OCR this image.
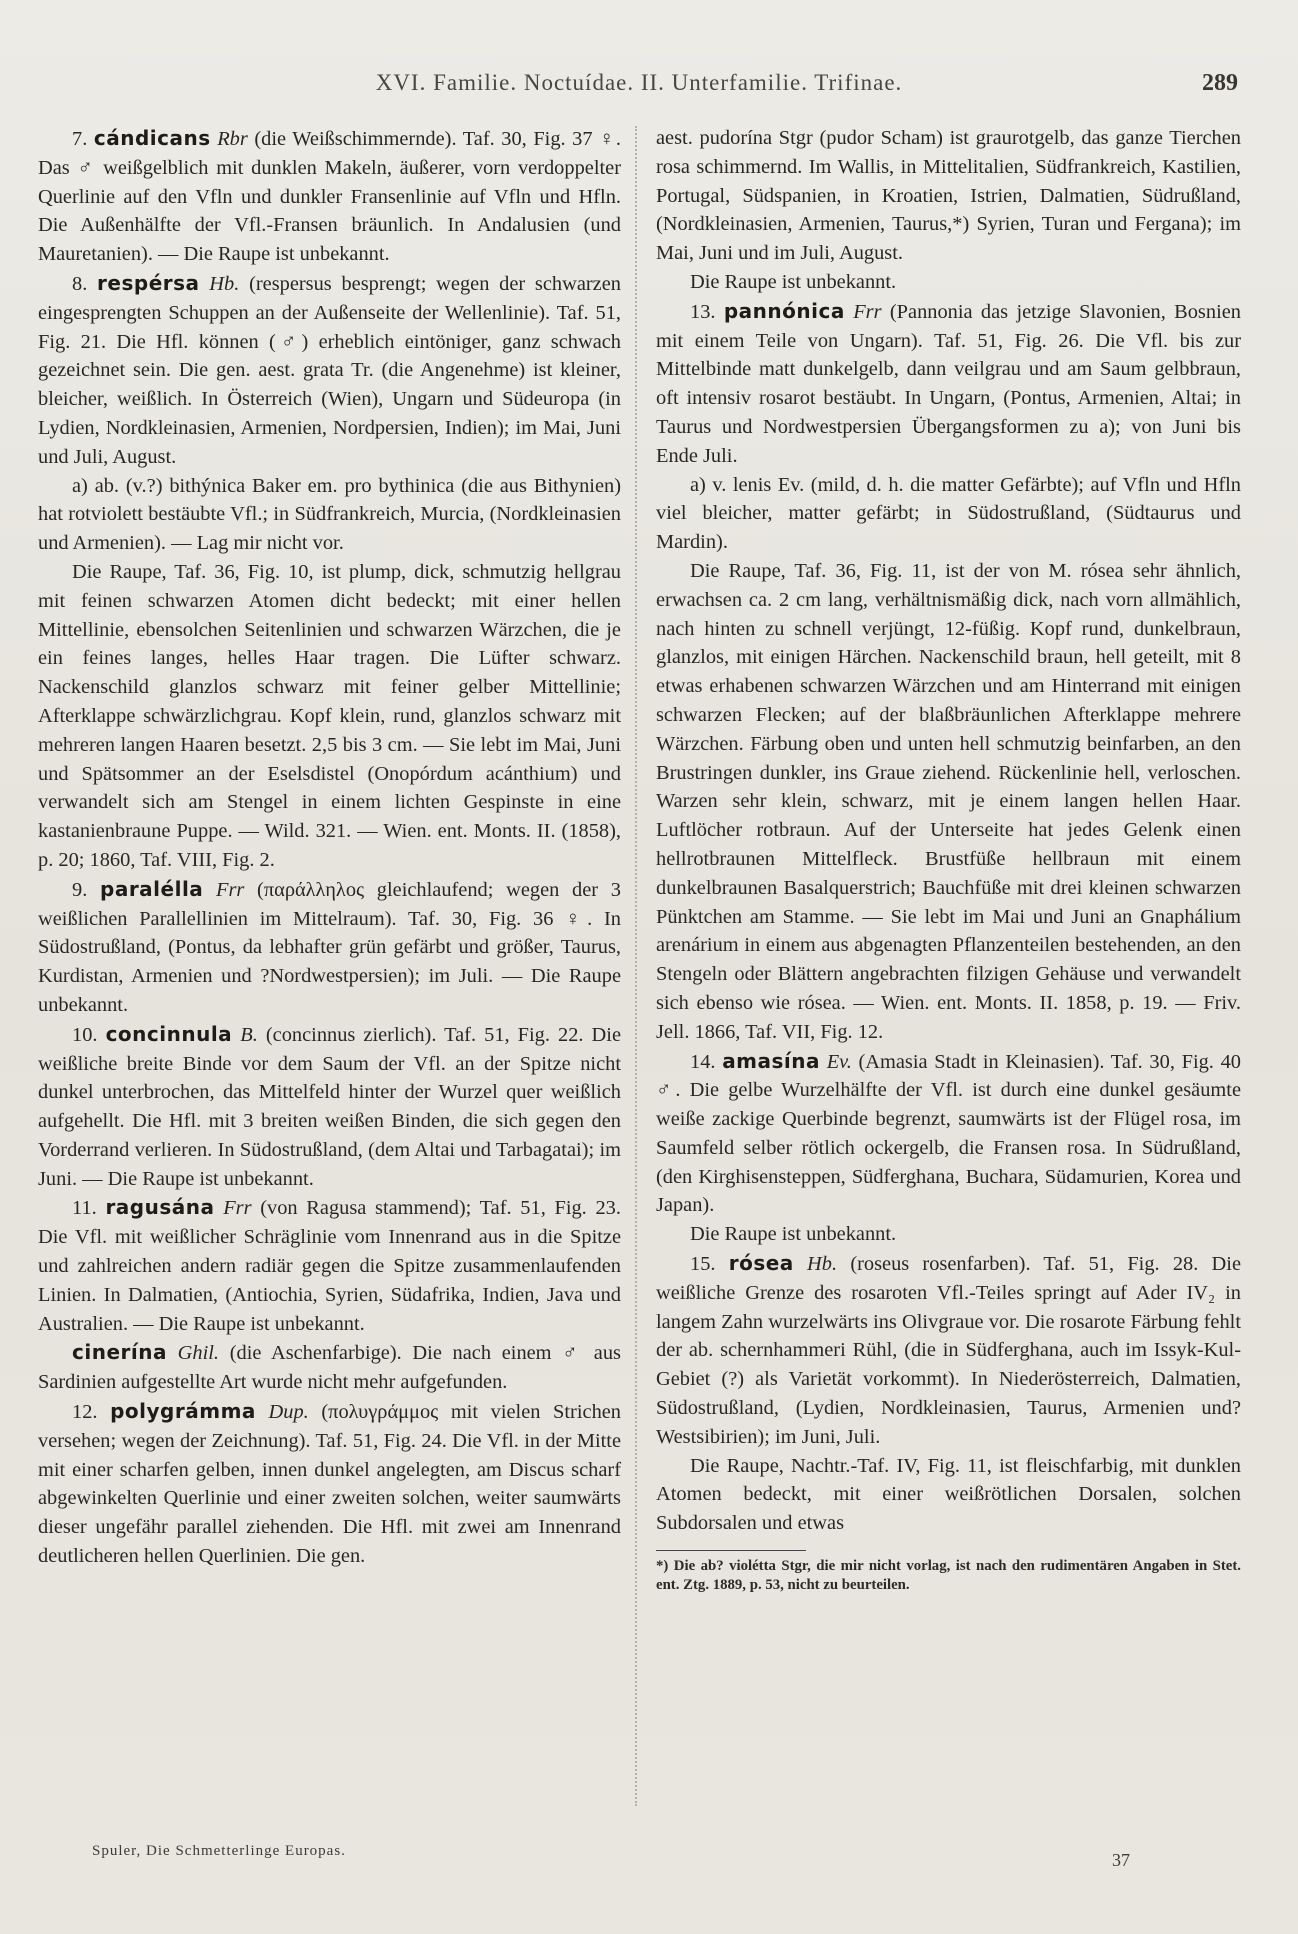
XVI. Familie. Noctuídae. II. Unterfamilie. Trifinae.	289

7. cándicans Rbr (die Weißschimmernde). Taf. 30, Fig. 37 ♀. Das ♂ weißgelblich mit dunklen Makeln, äußerer, vorn verdoppelter Querlinie auf den Vfln und dunkler Fransenlinie auf Vfln und Hfln. Die Außenhälfte der Vfl.-Fransen bräunlich. In Andalusien (und Mauretanien). — Die Raupe ist unbekannt.

8. respérsa Hb. (respersus besprengt; wegen der schwarzen eingesprengten Schuppen an der Außenseite der Wellenlinie). Taf. 51, Fig. 21. Die Hfl. können (♂) erheblich eintöniger, ganz schwach gezeichnet sein. Die gen. aest. grata Tr. (die Angenehme) ist kleiner, bleicher, weißlich. In Österreich (Wien), Ungarn und Südeuropa (in Lydien, Nordkleinasien, Armenien, Nordpersien, Indien); im Mai, Juni und Juli, August.

a) ab. (v.?) bithýnica Baker em. pro bythinica (die aus Bithynien) hat rotviolett bestäubte Vfl.; in Südfrankreich, Murcia, (Nordkleinasien und Armenien). — Lag mir nicht vor.

Die Raupe, Taf. 36, Fig. 10, ist plump, dick, schmutzig hellgrau mit feinen schwarzen Atomen dicht bedeckt; mit einer hellen Mittellinie, ebensolchen Seitenlinien und schwarzen Wärzchen, die je ein feines langes, helles Haar tragen. Die Lüfter schwarz. Nackenschild glanzlos schwarz mit feiner gelber Mittellinie; Afterklappe schwärzlichgrau. Kopf klein, rund, glanzlos schwarz mit mehreren langen Haaren besetzt. 2,5 bis 3 cm. — Sie lebt im Mai, Juni und Spätsommer an der Eselsdistel (Onopórdum acánthium) und verwandelt sich am Stengel in einem lichten Gespinste in eine kastanienbraune Puppe. — Wild. 321. — Wien. ent. Monts. II. (1858), p. 20; 1860, Taf. VIII, Fig. 2.

9. paralélla Frr (παράλληλος gleichlaufend; wegen der 3 weißlichen Parallellinien im Mittelraum). Taf. 30, Fig. 36 ♀. In Südostrußland, (Pontus, da lebhafter grün gefärbt und größer, Taurus, Kurdistan, Armenien und ?Nordwestpersien); im Juli. — Die Raupe unbekannt.

10. concinnula B. (concinnus zierlich). Taf. 51, Fig. 22. Die weißliche breite Binde vor dem Saum der Vfl. an der Spitze nicht dunkel unterbrochen, das Mittelfeld hinter der Wurzel quer weißlich aufgehellt. Die Hfl. mit 3 breiten weißen Binden, die sich gegen den Vorderrand verlieren. In Südostrußland, (dem Altai und Tarbagatai); im Juni. — Die Raupe ist unbekannt.

11. ragusána Frr (von Ragusa stammend); Taf. 51, Fig. 23. Die Vfl. mit weißlicher Schräglinie vom Innenrand aus in die Spitze und zahlreichen andern radiär gegen die Spitze zusammenlaufenden Linien. In Dalmatien, (Antiochia, Syrien, Südafrika, Indien, Java und Australien. — Die Raupe ist unbekannt.

cinerína Ghil. (die Aschenfarbige). Die nach einem ♂ aus Sardinien aufgestellte Art wurde nicht mehr aufgefunden.

12. polygrámma Dup. (πολυγράμμος mit vielen Strichen versehen; wegen der Zeichnung). Taf. 51, Fig. 24. Die Vfl. in der Mitte mit einer scharfen gelben, innen dunkel angelegten, am Discus scharf abgewinkelten Querlinie und einer zweiten solchen, weiter saumwärts dieser ungefähr parallel ziehenden. Die Hfl. mit zwei am Innenrand deutlicheren hellen Querlinien. Die gen.

aest. pudorína Stgr (pudor Scham) ist graurotgelb, das ganze Tierchen rosa schimmernd. Im Wallis, in Mittelitalien, Südfrankreich, Kastilien, Portugal, Südspanien, in Kroatien, Istrien, Dalmatien, Südrußland, (Nordkleinasien, Armenien, Taurus,*) Syrien, Turan und Fergana); im Mai, Juni und im Juli, August.

Die Raupe ist unbekannt.

13. pannónica Frr (Pannonia das jetzige Slavonien, Bosnien mit einem Teile von Ungarn). Taf. 51, Fig. 26. Die Vfl. bis zur Mittelbinde matt dunkelgelb, dann veilgrau und am Saum gelbbraun, oft intensiv rosarot bestäubt. In Ungarn, (Pontus, Armenien, Altai; in Taurus und Nordwestpersien Übergangsformen zu a); von Juni bis Ende Juli.

a) v. lenis Ev. (mild, d. h. die matter Gefärbte); auf Vfln und Hfln viel bleicher, matter gefärbt; in Südostrußland, (Südtaurus und Mardin).

Die Raupe, Taf. 36, Fig. 11, ist der von M. rósea sehr ähnlich, erwachsen ca. 2 cm lang, verhältnismäßig dick, nach vorn allmählich, nach hinten zu schnell verjüngt, 12-füßig. Kopf rund, dunkelbraun, glanzlos, mit einigen Härchen. Nackenschild braun, hell geteilt, mit 8 etwas erhabenen schwarzen Wärzchen und am Hinterrand mit einigen schwarzen Flecken; auf der blaßbräunlichen Afterklappe mehrere Wärzchen. Färbung oben und unten hell schmutzig beinfarben, an den Brustringen dunkler, ins Graue ziehend. Rückenlinie hell, verloschen. Warzen sehr klein, schwarz, mit je einem langen hellen Haar. Luftlöcher rotbraun. Auf der Unterseite hat jedes Gelenk einen hellrotbraunen Mittelfleck. Brustfüße hellbraun mit einem dunkelbraunen Basalquerstrich; Bauchfüße mit drei kleinen schwarzen Pünktchen am Stamme. — Sie lebt im Mai und Juni an Gnaphálium arenárium in einem aus abgenagten Pflanzenteilen bestehenden, an den Stengeln oder Blättern angebrachten filzigen Gehäuse und verwandelt sich ebenso wie rósea. — Wien. ent. Monts. II. 1858, p. 19. — Friv. Jell. 1866, Taf. VII, Fig. 12.

14. amasína Ev. (Amasia Stadt in Kleinasien). Taf. 30, Fig. 40 ♂. Die gelbe Wurzelhälfte der Vfl. ist durch eine dunkel gesäumte weiße zackige Querbinde begrenzt, saumwärts ist der Flügel rosa, im Saumfeld selber rötlich ockergelb, die Fransen rosa. In Südrußland, (den Kirghisensteppen, Südferghana, Buchara, Südamurien, Korea und Japan).

Die Raupe ist unbekannt.

15. rósea Hb. (roseus rosenfarben). Taf. 51, Fig. 28. Die weißliche Grenze des rosaroten Vfl.-Teiles springt auf Ader IV₂ in langem Zahn wurzelwärts ins Olivgraue vor. Die rosarote Färbung fehlt der ab. schernhammeri Rühl, (die in Südferghana, auch im Issyk-Kul-Gebiet (?) als Varietät vorkommt). In Niederösterreich, Dalmatien, Südostrußland, (Lydien, Nordkleinasien, Taurus, Armenien und? Westsibirien); im Juni, Juli.

Die Raupe, Nachtr.-Taf. IV, Fig. 11, ist fleischfarbig, mit dunklen Atomen bedeckt, mit einer weißrötlichen Dorsalen, solchen Subdorsalen und etwas

*) Die ab? violétta Stgr, die mir nicht vorlag, ist nach den rudimentären Angaben in Stet. ent. Ztg. 1889, p. 53, nicht zu beurteilen.

Spuler, Die Schmetterlinge Europas.	37
